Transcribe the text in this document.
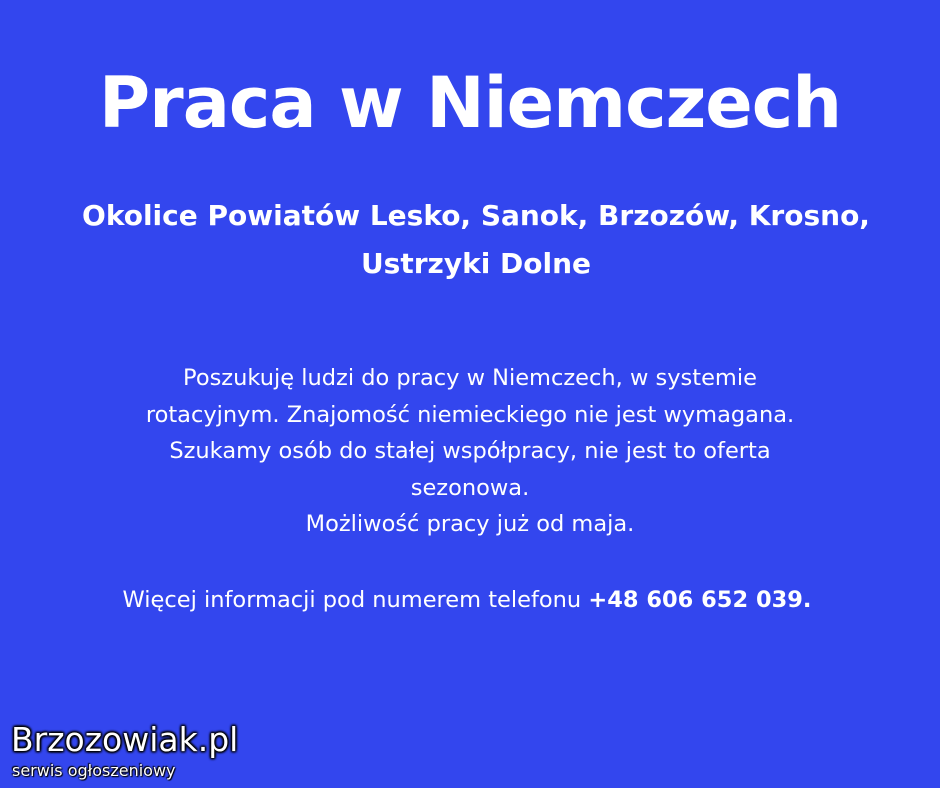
Praca w Niemczech
Okolice Powiatów Lesko, Sanok, Brzozów, Krosno, Ustrzyki Dolne
Poszukuję ludzi do pracy w Niemczech, w systemie
rotacyjnym. Znajomość niemieckiego nie jest wymagana.
Szukamy osób do stałej współpracy, nie jest to oferta
sezonowa.
Możliwość pracy już od maja.
Więcej informacji pod numerem telefonu +48 606 652 039.
Brzozowiak.pl
serwis ogłoszeniowy
